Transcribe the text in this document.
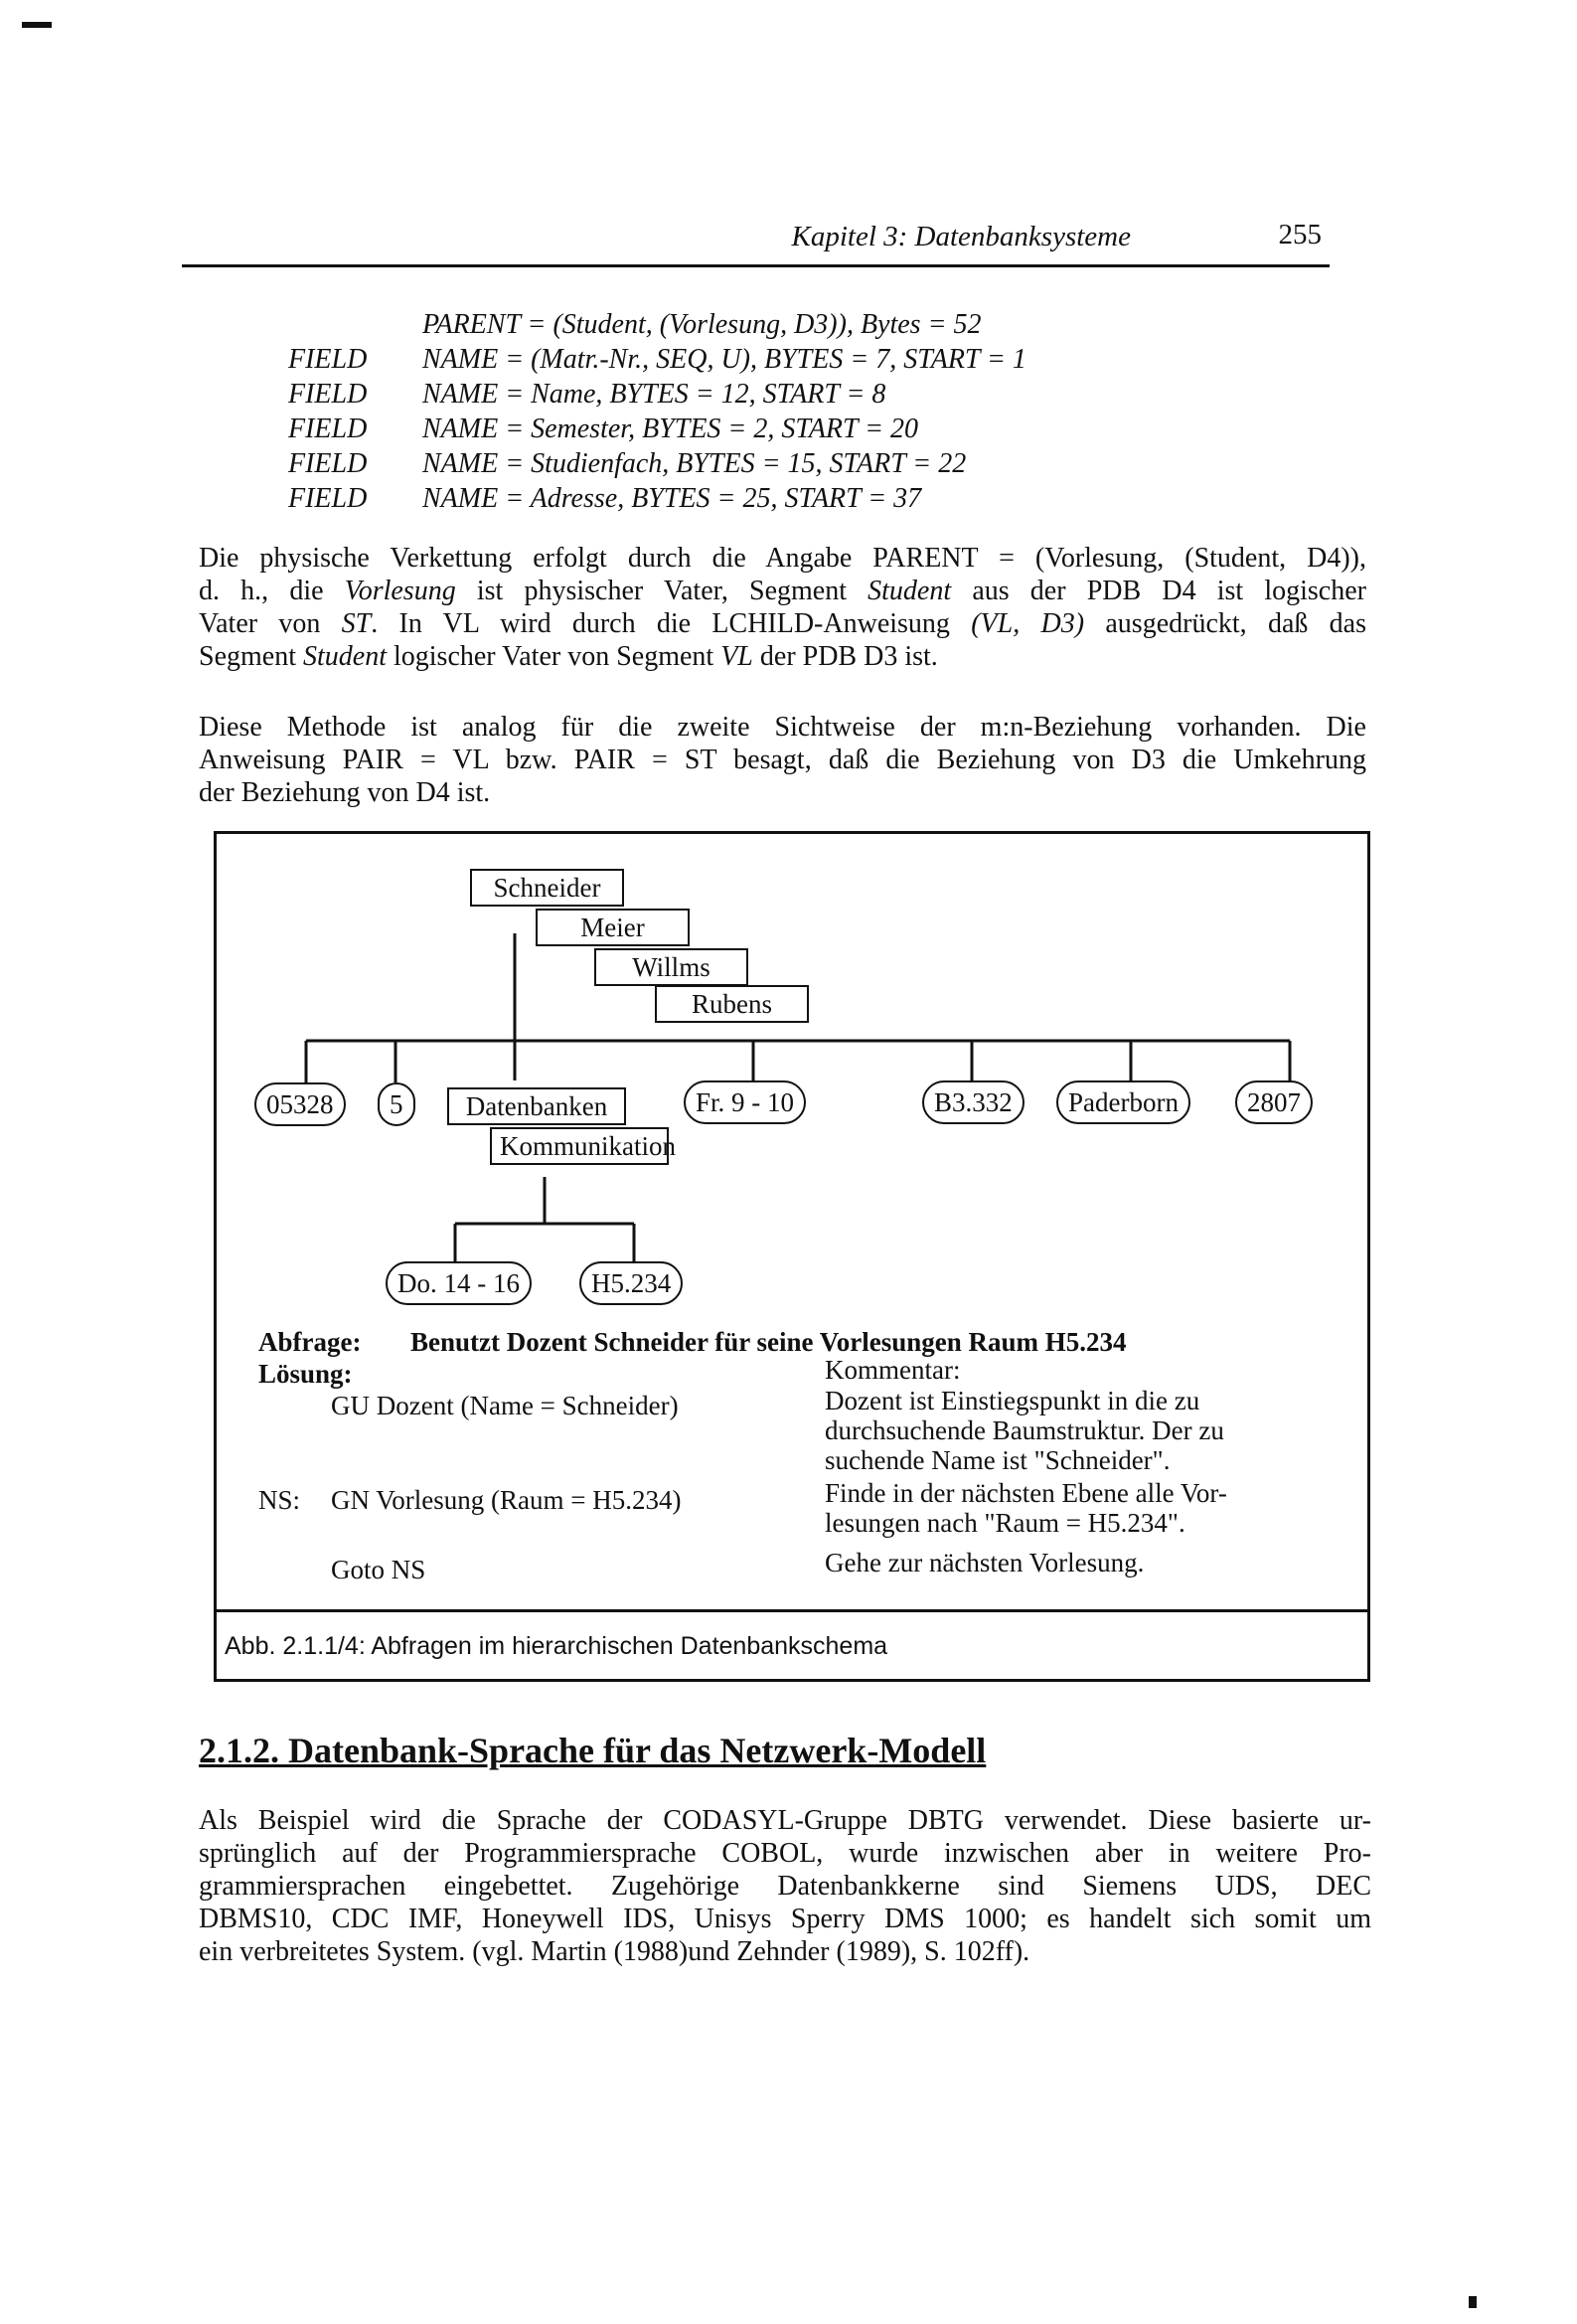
Kapitel 3: Datenbanksysteme	255
PARENT = (Student, (Vorlesung, D3)), Bytes = 52
FIELD NAME = (Matr.-Nr., SEQ, U), BYTES = 7, START = 1
FIELD NAME = Name, BYTES = 12, START = 8
FIELD NAME = Semester, BYTES = 2, START = 20
FIELD NAME = Studienfach, BYTES = 15, START = 22
FIELD NAME = Adresse, BYTES = 25, START = 37
Die physische Verkettung erfolgt durch die Angabe PARENT = (Vorlesung, (Student, D4)),
d. h., die Vorlesung ist physischer Vater, Segment Student aus der PDB D4 ist logischer
Vater von ST. In VL wird durch die LCHILD-Anweisung (VL, D3) ausgedrückt, daß das
Segment Student logischer Vater von Segment VL der PDB D3 ist.
Diese Methode ist analog für die zweite Sichtweise der m:n-Beziehung vorhanden. Die
Anweisung PAIR = VL bzw. PAIR = ST besagt, daß die Beziehung von D3 die Umkehrung
der Beziehung von D4 ist.
Rubens
Willms
Meier
Schneider
05328	5	Fr. 9 - 10	B3.332	Paderborn	2807
Kommunikation
Datenbanken
Do. 14 - 16	H5.234
Abfrage: Benutzt Dozent Schneider für seine Vorlesungen Raum H5.234
Lösung:	Kommentar:
GU Dozent (Name = Schneider)	Dozent ist Einstiegspunkt in die zu
durchsuchende Baumstruktur. Der zu
suchende Name ist "Schneider".
NS: GN Vorlesung (Raum = H5.234)	Finde in der nächsten Ebene alle Vor-
lesungen nach "Raum = H5.234".
Goto NS	Gehe zur nächsten Vorlesung.
Abb. 2.1.1/4: Abfragen im hierarchischen Datenbankschema
2.1.2. Datenbank-Sprache für das Netzwerk-Modell
Als Beispiel wird die Sprache der CODASYL-Gruppe DBTG verwendet. Diese basierte ur-
sprünglich auf der Programmiersprache COBOL, wurde inzwischen aber in weitere Pro-
grammiersprachen eingebettet. Zugehörige Datenbankkerne sind Siemens UDS, DEC
DBMS10, CDC IMF, Honeywell IDS, Unisys Sperry DMS 1000; es handelt sich somit um
ein verbreitetes System. (vgl. Martin (1988)und Zehnder (1989), S. 102ff).
